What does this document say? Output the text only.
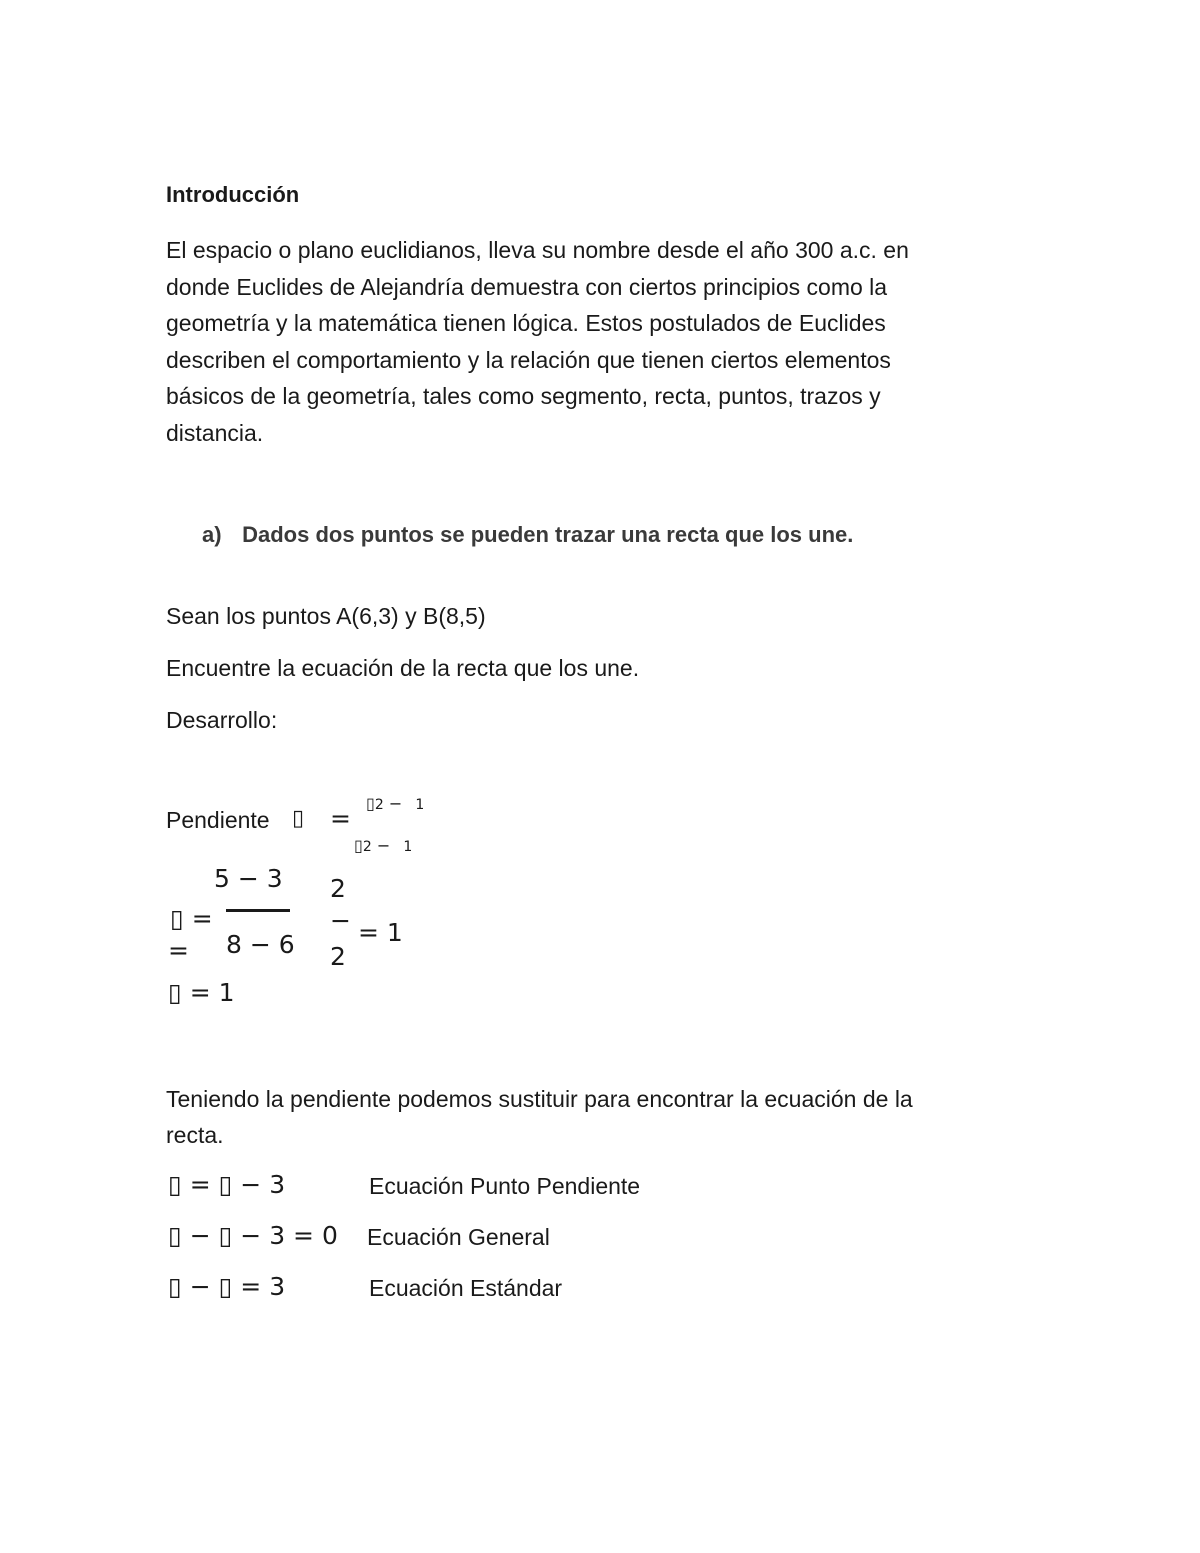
Introducción
El espacio o plano euclidianos, lleva su nombre desde el año 300 a.c. en
donde Euclides de Alejandría demuestra con ciertos principios como la
geometría y la matemática tienen lógica. Estos postulados de Euclides
describen el comportamiento y la relación que tienen ciertos elementos
básicos de la geometría, tales como segmento, recta, puntos, trazos y
distancia.
a) Dados dos puntos se pueden trazar una recta que los une.
Sean los puntos A(6,3) y B(8,5)
Encuentre la ecuación de la recta que los une.
Desarrollo:
Pendiente ▯ =
▯2 − 1
▯2 − 1
5 − 3
▯ =
= 8 − 6
2
−
2
= 1
▯ = 1
Teniendo la pendiente podemos sustituir para encontrar la ecuación de la
recta.
▯ = ▯ − 3	Ecuación Punto Pendiente
▯ − ▯ − 3 = 0 Ecuación General
▯ − ▯ = 3	Ecuación Estándar
